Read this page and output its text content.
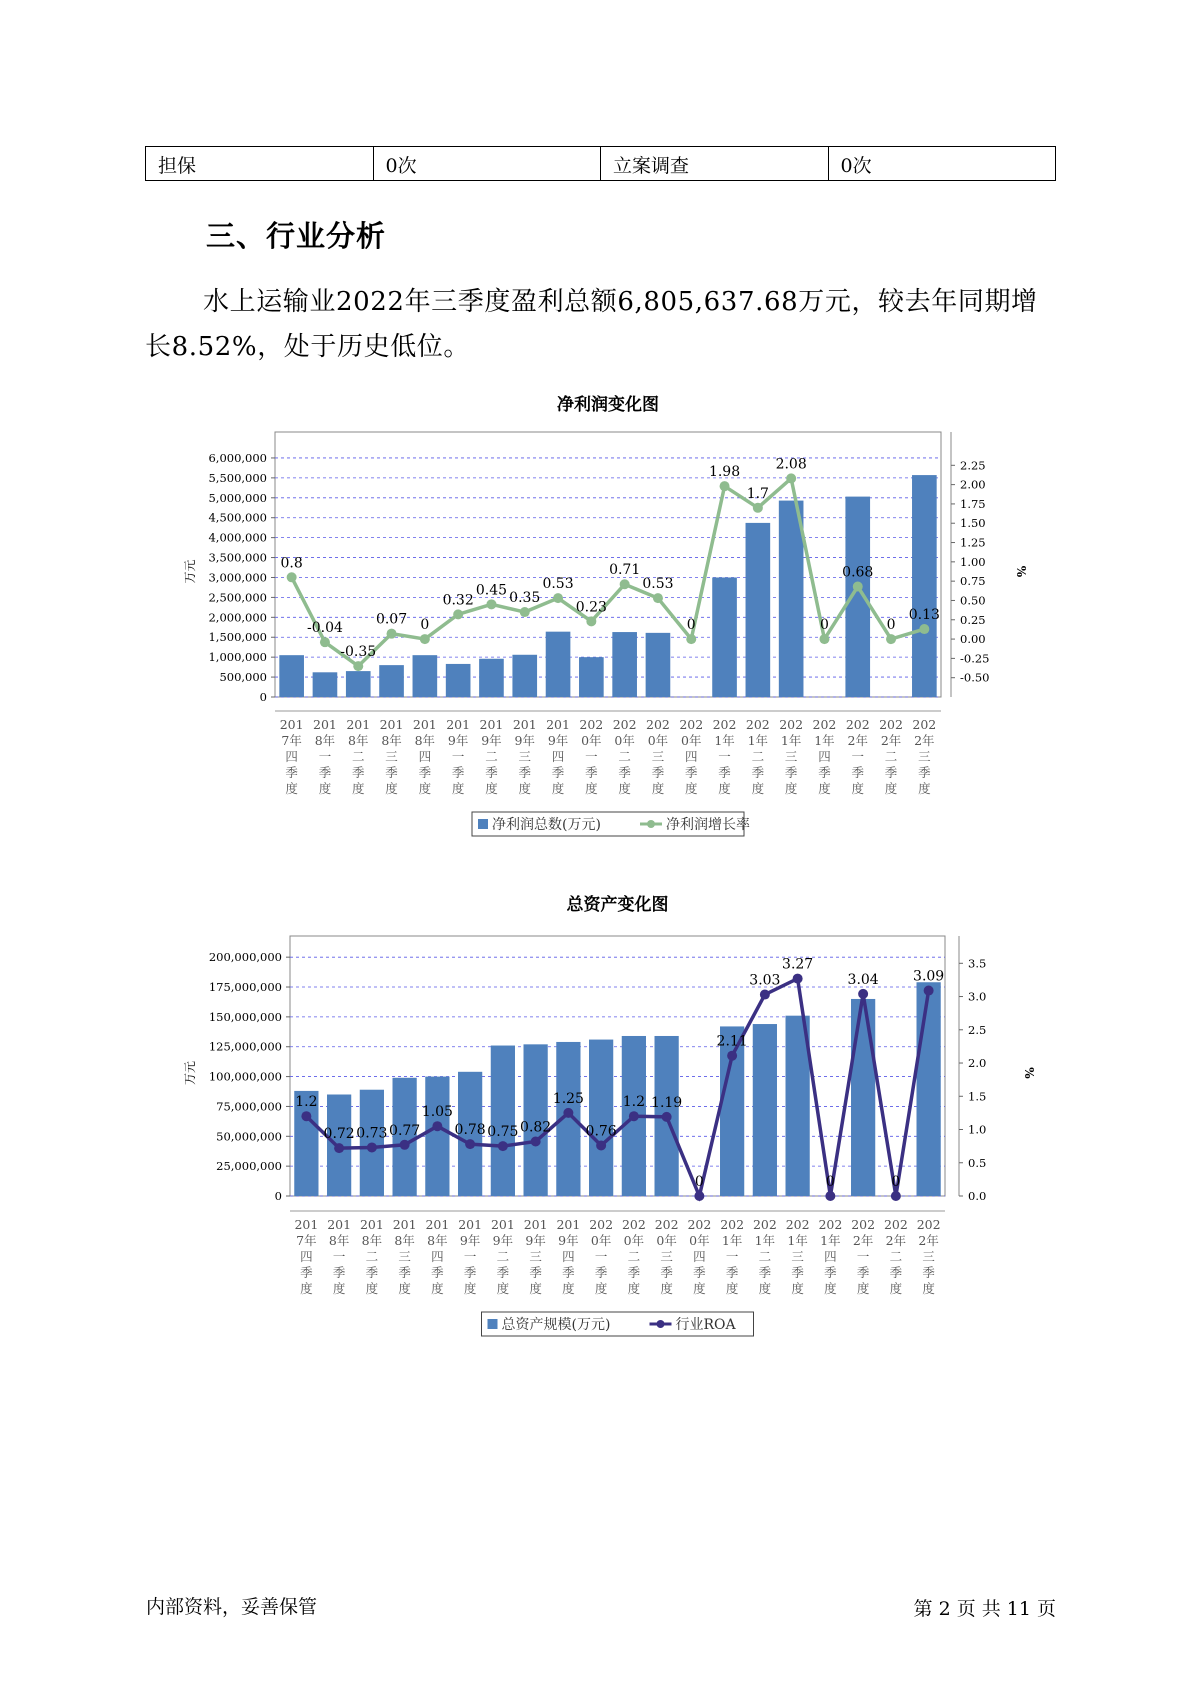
担保	0次	立案调查	0次
三、行业分析
水上运输业2022年三季度盈利总额6,805,637.68万元，较去年同期增长8.52%，处于历史低位。
净利润变化图
0
500,000
1,000,000
1,500,000
2,000,000
2,500,000
3,000,000
3,500,000
4,000,000
4,500,000
5,000,000
5,500,000
6,000,000
-0.50
-0.25
0.00
0.25
0.50
0.75
1.00
1.25
1.50
1.75
2.00
2.25
万元	%
201 7年四季度
201 8年一季度
201 8年二季度
201 8年三季度
201 8年四季度
201 9年一季度
201 9年二季度
201 9年三季度
201 9年四季度
202 0年一季度
202 0年二季度
202 0年三季度
202 0年四季度
202 1年一季度
202 1年二季度
202 1年三季度
202 1年四季度
202 2年一季度
202 2年二季度
202 2年三季度
0.8
-0.04
-0.35
0.07 0
0.32
0.45 0.35
0.53
0.23
0.71
0.53
0
1.98
1.7
2.08
0
0.68
0
0.13
净利润总数(万元)	净利润增长率
总资产变化图
0
25,000,000
50,000,000
75,000,000
100,000,000
125,000,000
150,000,000
175,000,000
200,000,000
0.0
0.5
1.0
1.5
2.0
2.5
3.0
3.5
万元	%
201 7年四季度
201 8年一季度
201 8年二季度
201 8年三季度
201 8年四季度
201 9年一季度
201 9年二季度
201 9年三季度
201 9年四季度
202 0年一季度
202 0年二季度
202 0年三季度
202 0年四季度
202 1年一季度
202 1年二季度
202 1年三季度
202 1年四季度
202 2年一季度
202 2年二季度
202 2年三季度
1.2
0.72 0.73 0.77
1.05
0.78 0.75 0.82
1.25
0.76
1.2 1.19
0
2.11
3.03
3.27
0
3.04
0
3.09
总资产规模(万元)	行业ROA
内部资料，妥善保管	第 2 页 共 11 页
